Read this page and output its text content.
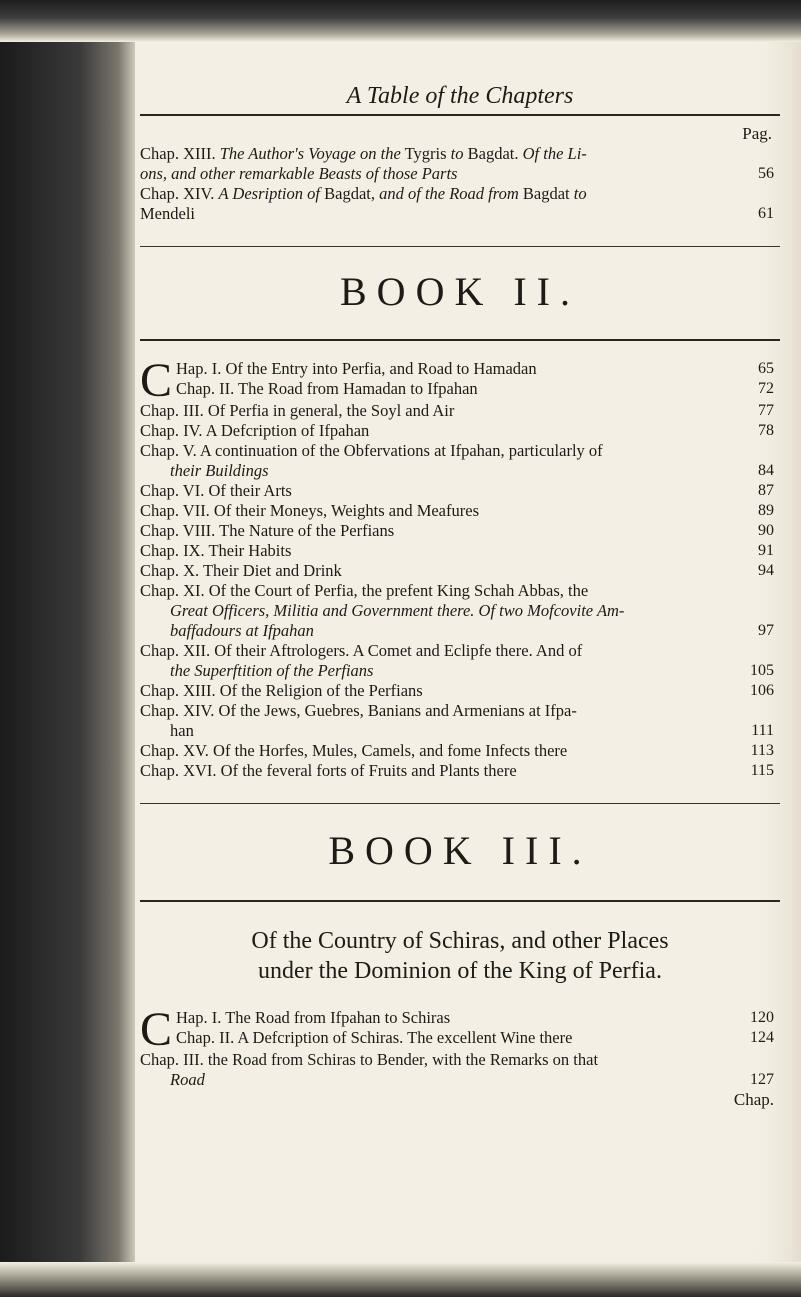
A Table of the Chapters

Pag.

Chap. XIII. The Author's Voyage on the Tygris to Bagdat. Of the Li-
ons, and other remarkable Beasts of those Parts	56
Chap. XIV. A Desription of Bagdat, and of the Road from Bagdat to
Mendeli	61

BOOK II.

C Hap. I. Of the Entry into Perfia, and Road to Hamadan	65
Chap. II. The Road from Hamadan to Ifpahan	72
Chap. III. Of Perfia in general, the Soyl and Air	77
Chap. IV. A Defcription of Ifpahan	78
Chap. V. A continuation of the Obfervations at Ifpahan, particularly of
their Buildings	84
Chap. VI. Of their Arts	87
Chap. VII. Of their Moneys, Weights and Meafures	89
Chap. VIII. The Nature of the Perfians	90
Chap. IX. Their Habits	91
Chap. X. Their Diet and Drink	94
Chap. XI. Of the Court of Perfia, the prefent King Schah Abbas, the
Great Officers, Militia and Government there. Of two Mofcovite Am-
baffadours at Ifpahan	97
Chap. XII. Of their Aftrologers. A Comet and Eclipfe there. And of
the Superftition of the Perfians	105
Chap. XIII. Of the Religion of the Perfians	106
Chap. XIV. Of the Jews, Guebres, Banians and Armenians at Ifpa-
han	111
Chap. XV. Of the Horfes, Mules, Camels, and fome Infects there	113
Chap. XVI. Of the feveral forts of Fruits and Plants there	115

BOOK III.

Of the Country of Schiras, and other Places

under the Dominion of the King of Perfia.

C Hap. I. The Road from Ifpahan to Schiras	120
Chap. II. A Defcription of Schiras. The excellent Wine there	124
Chap. III. the Road from Schiras to Bender, with the Remarks on that
Road	127

Chap.
